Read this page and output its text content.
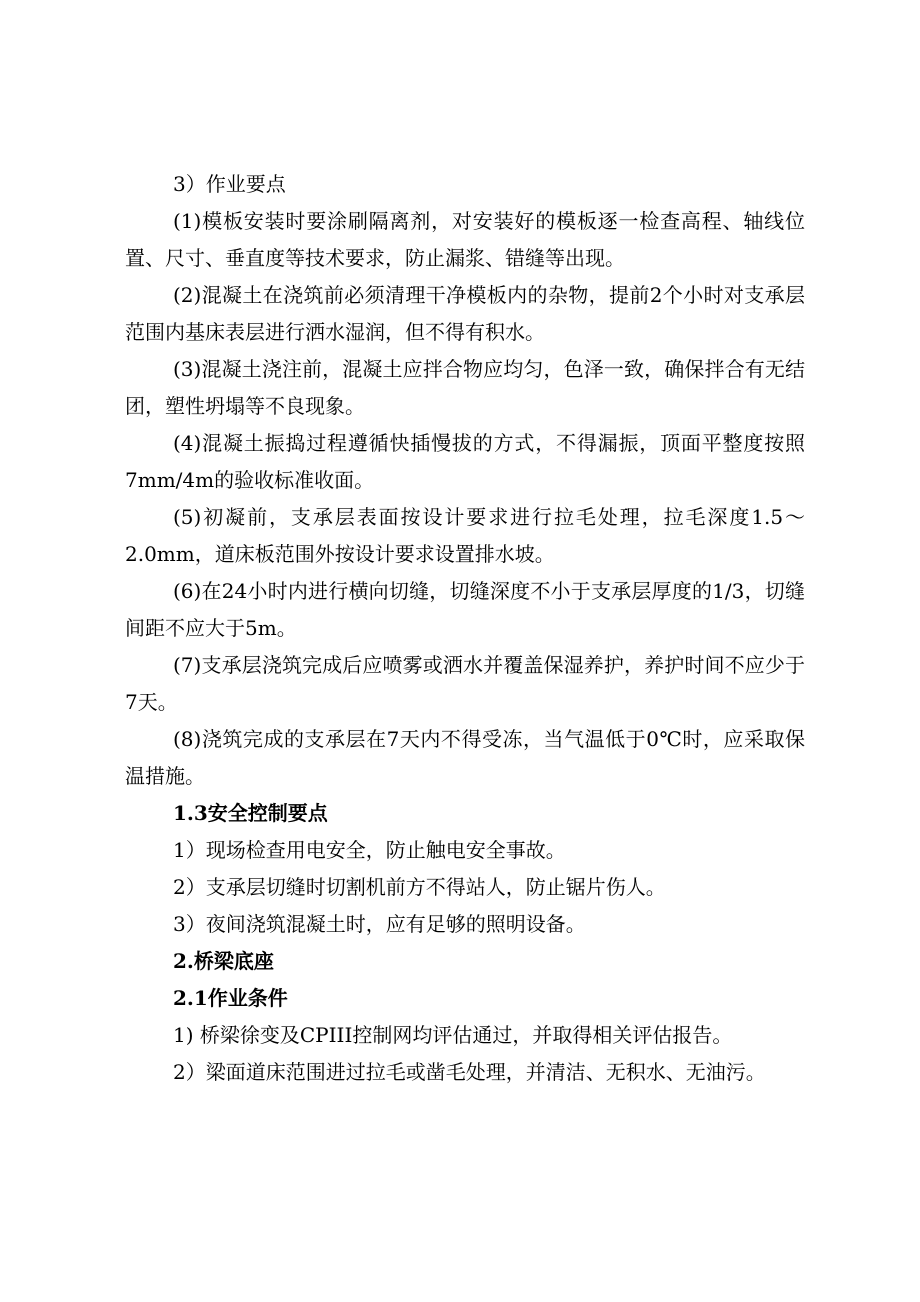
3）作业要点

(1)模板安装时要涂刷隔离剂，对安装好的模板逐一检查高程、轴线位置、尺寸、垂直度等技术要求，防止漏浆、错缝等出现。

(2)混凝土在浇筑前必须清理干净模板内的杂物，提前2个小时对支承层范围内基床表层进行洒水湿润，但不得有积水。

(3)混凝土浇注前，混凝土应拌合物应均匀，色泽一致，确保拌合有无结团，塑性坍塌等不良现象。

(4)混凝土振捣过程遵循快插慢拔的方式，不得漏振，顶面平整度按照7mm/4m的验收标准收面。

(5)初凝前，支承层表面按设计要求进行拉毛处理，拉毛深度1.5～2.0mm，道床板范围外按设计要求设置排水坡。

(6)在24小时内进行横向切缝，切缝深度不小于支承层厚度的1/3，切缝间距不应大于5m。

(7)支承层浇筑完成后应喷雾或洒水并覆盖保湿养护，养护时间不应少于7天。

(8)浇筑完成的支承层在7天内不得受冻，当气温低于0℃时，应采取保温措施。

1.3安全控制要点

1）现场检查用电安全，防止触电安全事故。

2）支承层切缝时切割机前方不得站人，防止锯片伤人。

3）夜间浇筑混凝土时，应有足够的照明设备。

2.桥梁底座

2.1作业条件

1) 桥梁徐变及CPIII控制网均评估通过，并取得相关评估报告。

2）梁面道床范围进过拉毛或凿毛处理，并清洁、无积水、无油污。
